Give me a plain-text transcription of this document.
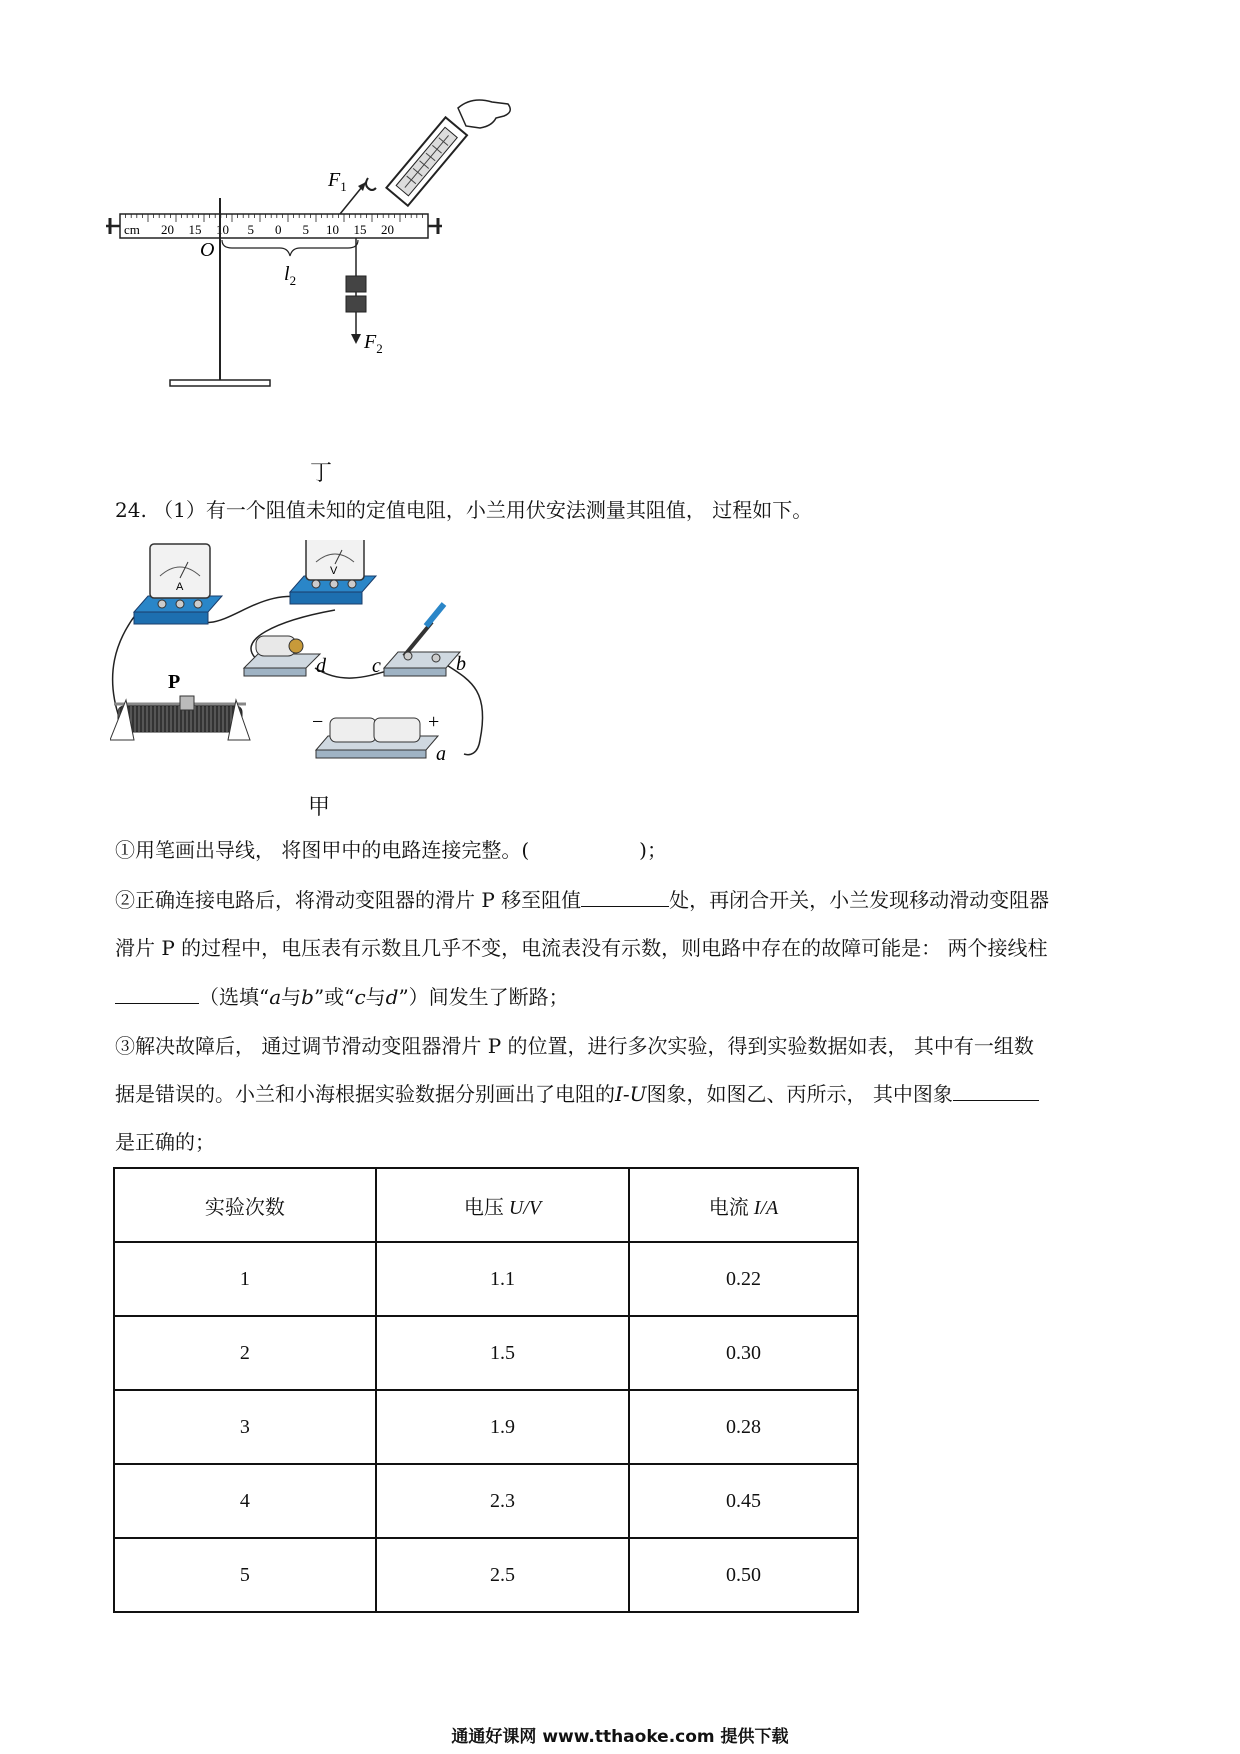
$F_1$
cm 20 15 10 5 0 5 10 15 20
O
$l_2$
$F_2$
丁
24. （1）有一个阻值未知的定值电阻，小兰用伏安法测量其阻值， 过程如下。
A
V
d c	b
P
−	+
a
甲
①用笔画出导线， 将图甲中的电路连接完整。(	)；
②正确连接电路后，将滑动变阻器的滑片 P 移至阻值	处，再闭合开关，小兰发现移动滑动变阻器
滑片 P 的过程中，电压表有示数且几乎不变，电流表没有示数，则电路中存在的故障可能是： 两个接线柱
（选填“a与b”或“c与d”）间发生了断路；
③解决故障后， 通过调节滑动变阻器滑片 P 的位置，进行多次实验，得到实验数据如表， 其中有一组数
据是错误的。小兰和小海根据实验数据分别画出了电阻的I-U图象，如图乙、丙所示， 其中图象
是正确的；
实验次数	电压 U/V	电流 I/A
1	1.1	0.22
2	1.5	0.30
3	1.9	0.28
4	2.3	0.45
5	2.5	0.50
通通好课网 www.tthaoke.com 提供下载
